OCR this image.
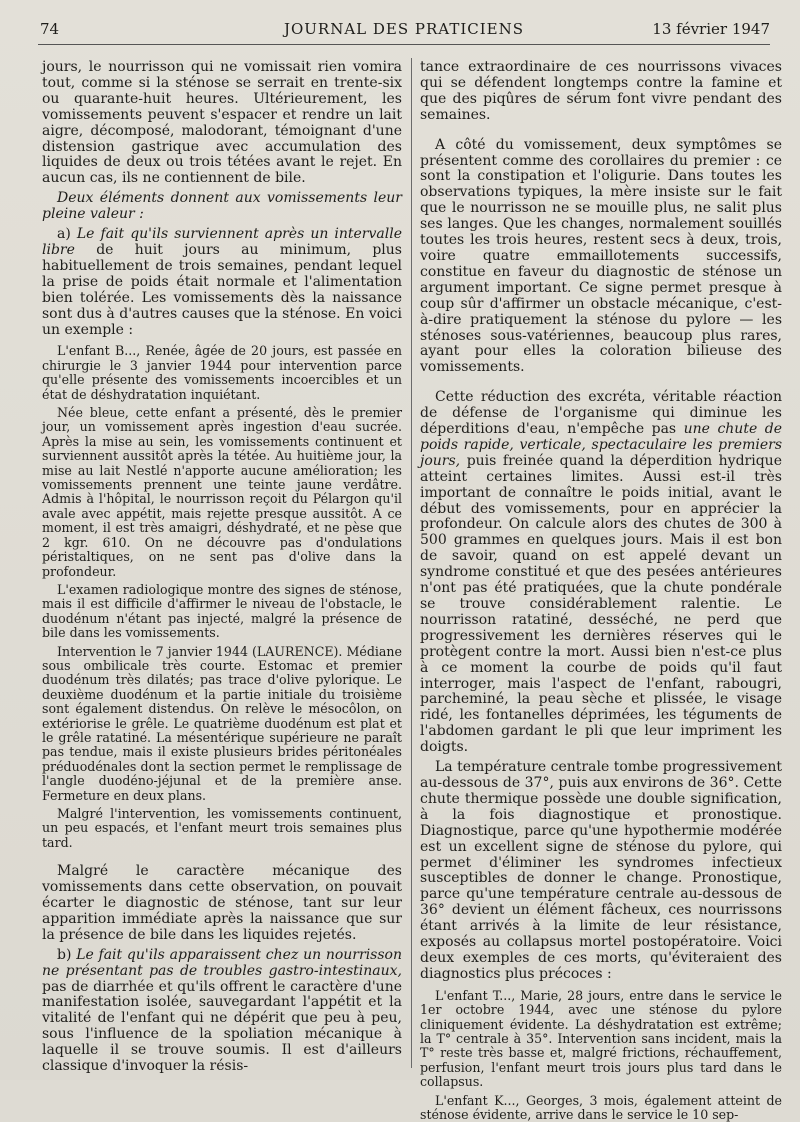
74	JOURNAL DES PRATICIENS	13 février 1947

jours, le nourrisson qui ne vomissait rien vomira tout, comme si la sténose se serrait en trente-six ou quarante-huit heures. Ultérieurement, les vomissements peuvent s'espacer et rendre un lait aigre, décomposé, malodorant, témoignant d'une distension gastrique avec accumulation des liquides de deux ou trois tétées avant le rejet. En aucun cas, ils ne contiennent de bile.

Deux éléments donnent aux vomissements leur pleine valeur :

a) Le fait qu'ils surviennent après un intervalle libre de huit jours au minimum, plus habituellement de trois semaines, pendant lequel la prise de poids était normale et l'alimentation bien tolérée. Les vomissements dès la naissance sont dus à d'autres causes que la sténose. En voici un exemple :

L'enfant B..., Renée, âgée de 20 jours, est passée en chirurgie le 3 janvier 1944 pour intervention parce qu'elle présente des vomissements incoercibles et un état de déshydratation inquiétant.

Née bleue, cette enfant a présenté, dès le premier jour, un vomissement après ingestion d'eau sucrée. Après la mise au sein, les vomissements continuent et surviennent aussitôt après la tétée. Au huitième jour, la mise au lait Nestlé n'apporte aucune amélioration; les vomissements prennent une teinte jaune verdâtre. Admis à l'hôpital, le nourrisson reçoit du Pélargon qu'il avale avec appétit, mais rejette presque aussitôt. A ce moment, il est très amaigri, déshydraté, et ne pèse que 2 kgr. 610. On ne découvre pas d'ondulations péristaltiques, on ne sent pas d'olive dans la profondeur.

L'examen radiologique montre des signes de sténose, mais il est difficile d'affirmer le niveau de l'obstacle, le duodénum n'étant pas injecté, malgré la présence de bile dans les vomissements.

Intervention le 7 janvier 1944 (LAURENCE). Médiane sous ombilicale très courte. Estomac et premier duodénum très dilatés; pas trace d'olive pylorique. Le deuxième duodénum et la partie initiale du troisième sont également distendus. On relève le mésocôlon, on extériorise le grêle. Le quatrième duodénum est plat et le grêle ratatiné. La mésentérique supérieure ne paraît pas tendue, mais il existe plusieurs brides péritonéales préduodénales dont la section permet le remplissage de l'angle duodéno-jéjunal et de la première anse. Fermeture en deux plans.

Malgré l'intervention, les vomissements continuent, un peu espacés, et l'enfant meurt trois semaines plus tard.

Malgré le caractère mécanique des vomissements dans cette observation, on pouvait écarter le diagnostic de sténose, tant sur leur apparition immédiate après la naissance que sur la présence de bile dans les liquides rejetés.

b) Le fait qu'ils apparaissent chez un nourrisson ne présentant pas de troubles gastro-intestinaux, pas de diarrhée et qu'ils offrent le caractère d'une manifestation isolée, sauvegardant l'appétit et la vitalité de l'enfant qui ne dépérit que peu à peu, sous l'influence de la spoliation mécanique à laquelle il se trouve soumis. Il est d'ailleurs classique d'invoquer la résis-

tance extraordinaire de ces nourrissons vivaces qui se défendent longtemps contre la famine et que des piqûres de sérum font vivre pendant des semaines.

A côté du vomissement, deux symptômes se présentent comme des corollaires du premier : ce sont la constipation et l'oligurie. Dans toutes les observations typiques, la mère insiste sur le fait que le nourrisson ne se mouille plus, ne salit plus ses langes. Que les changes, normalement souillés toutes les trois heures, restent secs à deux, trois, voire quatre emmaillotements successifs, constitue en faveur du diagnostic de sténose un argument important. Ce signe permet presque à coup sûr d'affirmer un obstacle mécanique, c'est-à-dire pratiquement la sténose du pylore — les sténoses sous-vatériennes, beaucoup plus rares, ayant pour elles la coloration bilieuse des vomissements.

Cette réduction des excréta, véritable réaction de défense de l'organisme qui diminue les déperditions d'eau, n'empêche pas une chute de poids rapide, verticale, spectaculaire les premiers jours, puis freinée quand la déperdition hydrique atteint certaines limites. Aussi est-il très important de connaître le poids initial, avant le début des vomissements, pour en apprécier la profondeur. On calcule alors des chutes de 300 à 500 grammes en quelques jours. Mais il est bon de savoir, quand on est appelé devant un syndrome constitué et que des pesées antérieures n'ont pas été pratiquées, que la chute pondérale se trouve considérablement ralentie. Le nourrisson ratatiné, desséché, ne perd que progressivement les dernières réserves qui le protègent contre la mort. Aussi bien n'est-ce plus à ce moment la courbe de poids qu'il faut interroger, mais l'aspect de l'enfant, rabougri, parcheminé, la peau sèche et plissée, le visage ridé, les fontanelles déprimées, les téguments de l'abdomen gardant le pli que leur impriment les doigts.

La température centrale tombe progressivement au-dessous de 37°, puis aux environs de 36°. Cette chute thermique possède une double signification, à la fois diagnostique et pronostique. Diagnostique, parce qu'une hypothermie modérée est un excellent signe de sténose du pylore, qui permet d'éliminer les syndromes infectieux susceptibles de donner le change. Pronostique, parce qu'une température centrale au-dessous de 36° devient un élément fâcheux, ces nourrissons étant arrivés à la limite de leur résistance, exposés au collapsus mortel postopératoire. Voici deux exemples de ces morts, qu'éviteraient des diagnostics plus précoces :

L'enfant T..., Marie, 28 jours, entre dans le service le 1er octobre 1944, avec une sténose du pylore cliniquement évidente. La déshydratation est extrême; la T° centrale à 35°. Intervention sans incident, mais la T° reste très basse et, malgré frictions, réchauffement, perfusion, l'enfant meurt trois jours plus tard dans le collapsus.

L'enfant K..., Georges, 3 mois, également atteint de sténose évidente, arrive dans le service le 10 sep-
